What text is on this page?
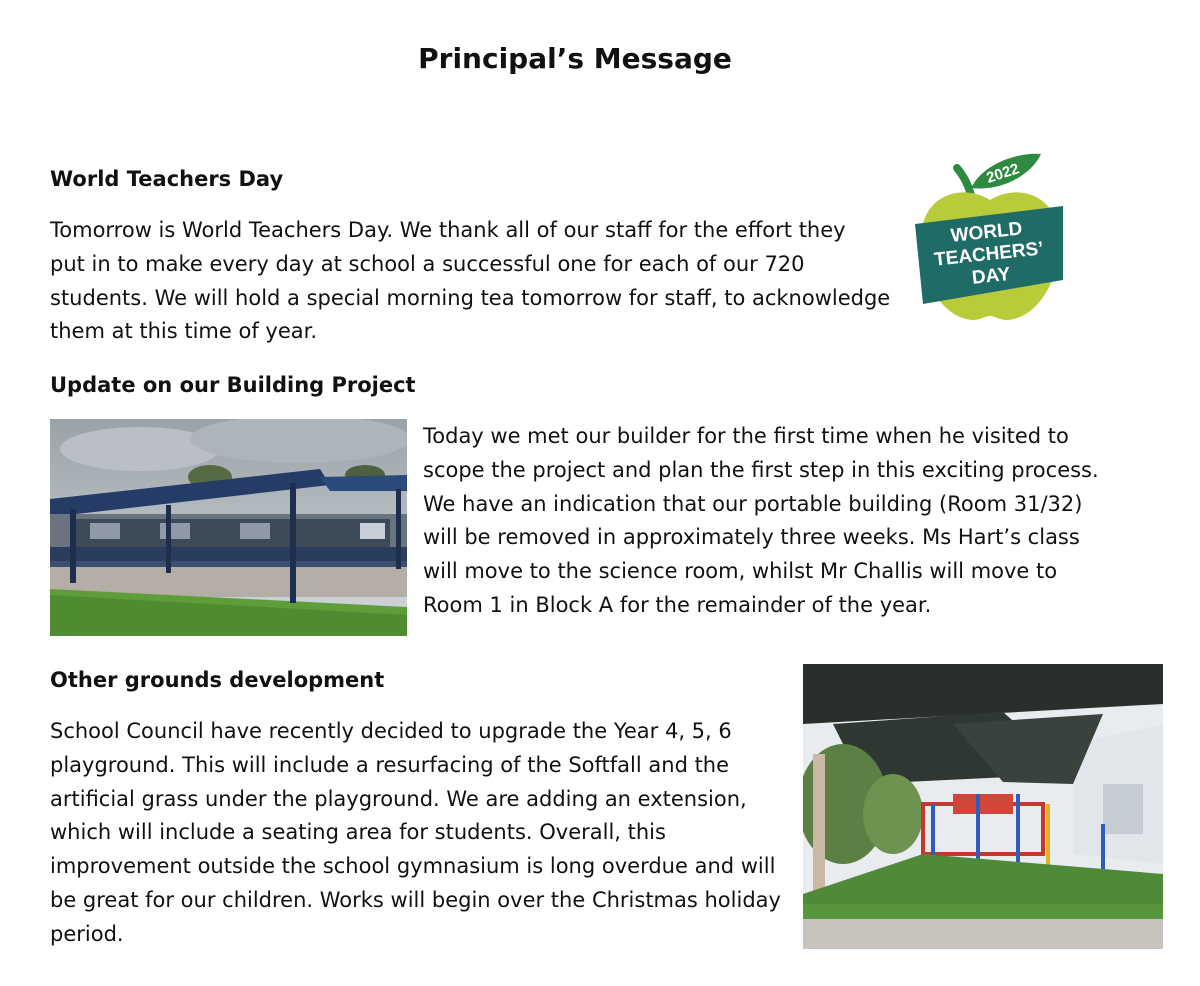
Principal’s Message
World Teachers Day
Tomorrow is World Teachers Day. We thank all of our staff for the effort they
put in to make every day at school a successful one for each of our 720
students. We will hold a special morning tea tomorrow for staff, to acknowledge
them at this time of year.
2022
WORLD
TEACHERS’
DAY
Update on our Building Project
Today we met our builder for the first time when he visited to
scope the project and plan the first step in this exciting process.
We have an indication that our portable building (Room 31/32)
will be removed in approximately three weeks. Ms Hart’s class
will move to the science room, whilst Mr Challis will move to
Room 1 in Block A for the remainder of the year.
Other grounds development
School Council have recently decided to upgrade the Year 4, 5, 6
playground. This will include a resurfacing of the Softfall and the
artificial grass under the playground. We are adding an extension,
which will include a seating area for students. Overall, this
improvement outside the school gymnasium is long overdue and will
be great for our children. Works will begin over the Christmas holiday
period.
